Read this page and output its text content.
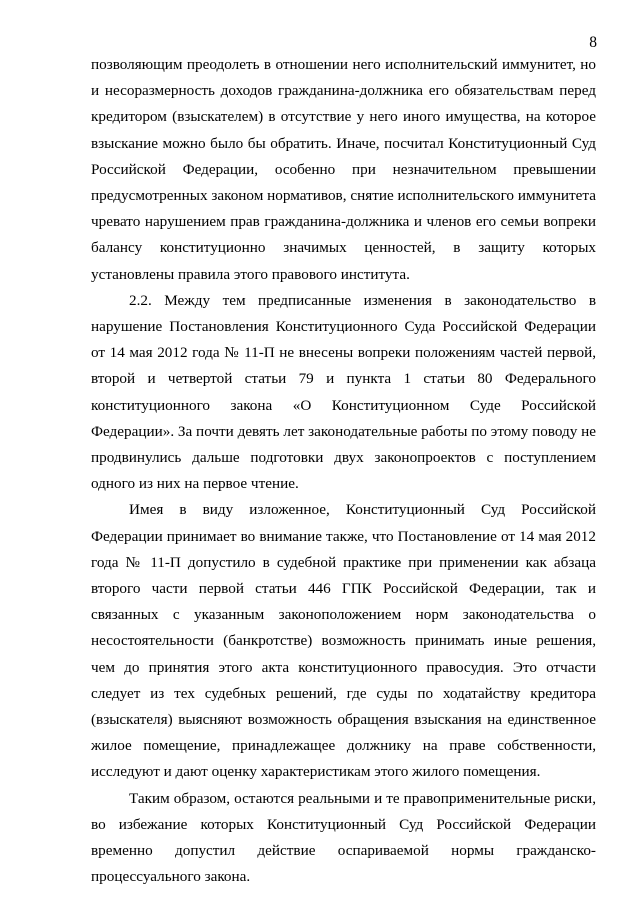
8

позволяющим преодолеть в отношении него исполнительский иммунитет, но и несоразмерность доходов гражданина-должника его обязательствам перед кредитором (взыскателем) в отсутствие у него иного имущества, на которое взыскание можно было бы обратить. Иначе, посчитал Конституционный Суд Российской Федерации, особенно при незначительном превышении предусмотренных законом нормативов, снятие исполнительского иммунитета чревато нарушением прав гражданина-должника и членов его семьи вопреки балансу конституционно значимых ценностей, в защиту которых установлены правила этого правового института.

2.2. Между тем предписанные изменения в законодательство в нарушение Постановления Конституционного Суда Российской Федерации от 14 мая 2012 года № 11-П не внесены вопреки положениям частей первой, второй и четвертой статьи 79 и пункта 1 статьи 80 Федерального конституционного закона «О Конституционном Суде Российской Федерации». За почти девять лет законодательные работы по этому поводу не продвинулись дальше подготовки двух законопроектов с поступлением одного из них на первое чтение.

Имея в виду изложенное, Конституционный Суд Российской Федерации принимает во внимание также, что Постановление от 14 мая 2012 года № 11-П допустило в судебной практике при применении как абзаца второго части первой статьи 446 ГПК Российской Федерации, так и связанных с указанным законоположением норм законодательства о несостоятельности (банкротстве) возможность принимать иные решения, чем до принятия этого акта конституционного правосудия. Это отчасти следует из тех судебных решений, где суды по ходатайству кредитора (взыскателя) выясняют возможность обращения взыскания на единственное жилое помещение, принадлежащее должнику на праве собственности, исследуют и дают оценку характеристикам этого жилого помещения.

Таким образом, остаются реальными и те правоприменительные риски, во избежание которых Конституционный Суд Российской Федерации временно допустил действие оспариваемой нормы гражданско-процессуального закона.
